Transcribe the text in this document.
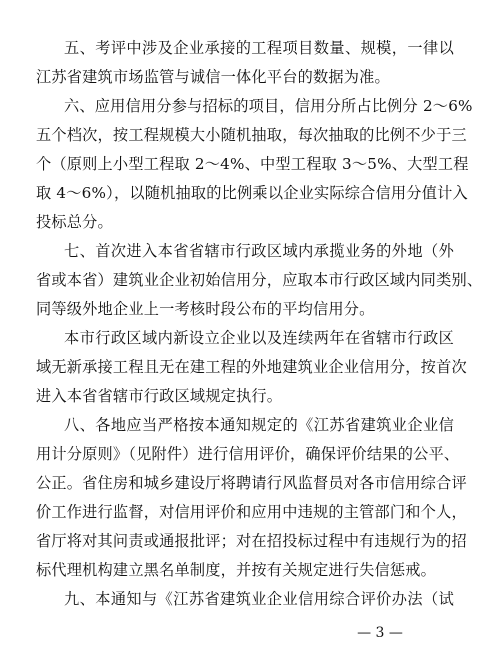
五、考评中涉及企业承接的工程项目数量、规模，一律以
江苏省建筑市场监管与诚信一体化平台的数据为准。
六、应用信用分参与招标的项目，信用分所占比例分 2～6%
五个档次，按工程规模大小随机抽取，每次抽取的比例不少于三
个（原则上小型工程取 2～4%、中型工程取 3～5%、大型工程
取 4～6%），以随机抽取的比例乘以企业实际综合信用分值计入
投标总分。
七、首次进入本省省辖市行政区域内承揽业务的外地（外
省或本省）建筑业企业初始信用分，应取本市行政区域内同类别、
同等级外地企业上一考核时段公布的平均信用分。
本市行政区域内新设立企业以及连续两年在省辖市行政区
域无新承接工程且无在建工程的外地建筑业企业信用分，按首次
进入本省省辖市行政区域规定执行。
八、各地应当严格按本通知规定的《江苏省建筑业企业信
用计分原则》（见附件）进行信用评价，确保评价结果的公平、
公正。省住房和城乡建设厅将聘请行风监督员对各市信用综合评
价工作进行监督，对信用评价和应用中违规的主管部门和个人，
省厅将对其问责或通报批评；对在招投标过程中有违规行为的招
标代理机构建立黑名单制度，并按有关规定进行失信惩戒。
九、本通知与《江苏省建筑业企业信用综合评价办法（试
— 3 —
